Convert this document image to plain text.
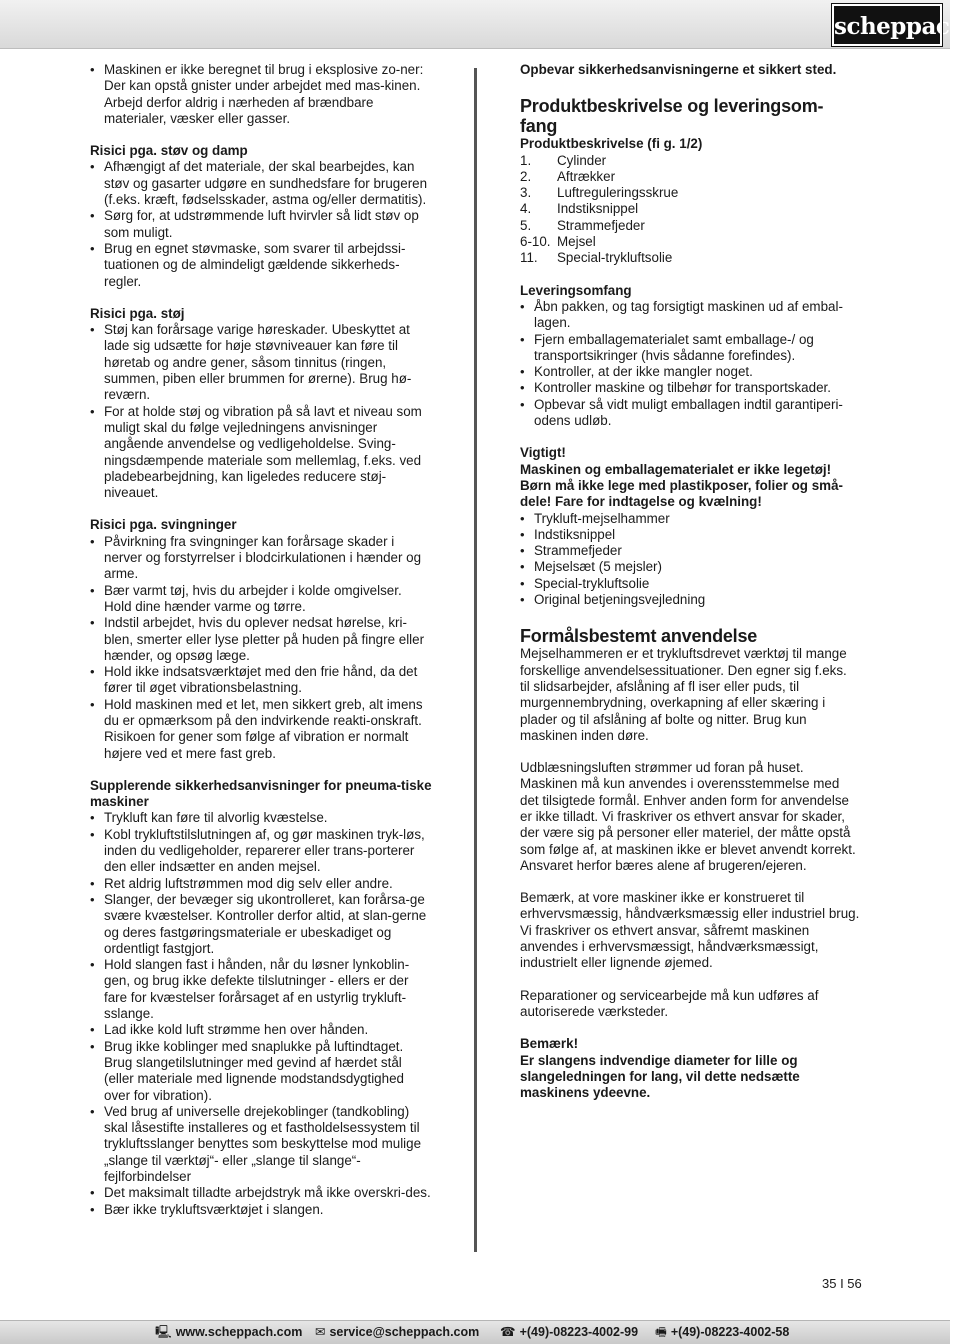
scheppach
• Maskinen er ikke beregnet til brug i eksplosive zo-ner: Der kan opstå gnister under arbejdet med mas-kinen. Arbejd derfor aldrig i nærheden af brændbare materialer, væsker eller gasser.
Risici pga. støv og damp
• Afhængigt af det materiale, der skal bearbejdes, kan støv og gasarter udgøre en sundhedsfare for brugeren (f.eks. kræft, fødselsskader, astma og/eller dermatitis).
• Sørg for, at udstrømmende luft hvirvler så lidt støv op som muligt.
• Brug en egnet støvmaske, som svarer til arbejdssi-tuationen og de almindeligt gældende sikkerheds-regler.
Risici pga. støj
• Støj kan forårsage varige høreskader. Ubeskyttet at lade sig udsætte for høje støvniveauer kan føre til høretab og andre gener, såsom tinnitus (ringen, summen, piben eller brummen for ørerne). Brug hø-reværn.
• For at holde støj og vibration på så lavt et niveau som muligt skal du følge vejledningens anvisninger angående anvendelse og vedligeholdelse. Sving-ningsdæmpende materiale som mellemlag, f.eks. ved pladebearbejdning, kan ligeledes reducere støj-niveauet.
Risici pga. svingninger
• Påvirkning fra svingninger kan forårsage skader i nerver og forstyrrelser i blodcirkulationen i hænder og arme.
• Bær varmt tøj, hvis du arbejder i kolde omgivelser. Hold dine hænder varme og tørre.
• Indstil arbejdet, hvis du oplever nedsat hørelse, kri-blen, smerter eller lyse pletter på huden på fingre eller hænder, og opsøg læge.
• Hold ikke indsatsværktøjet med den frie hånd, da det fører til øget vibrationsbelastning.
• Hold maskinen med et let, men sikkert greb, alt imens du er opmærksom på den indvirkende reakti-onskraft. Risikoen for gener som følge af vibration er normalt højere ved et mere fast greb.
Supplerende sikkerhedsanvisninger for pneuma-tiske maskiner
• Trykluft kan føre til alvorlig kvæstelse.
• Kobl trykluftstilslutningen af, og gør maskinen tryk-løs, inden du vedligeholder, reparerer eller trans-porterer den eller indsætter en anden mejsel.
• Ret aldrig luftstrømmen mod dig selv eller andre.
• Slanger, der bevæger sig ukontrolleret, kan forårsa-ge svære kvæstelser. Kontroller derfor altid, at slan-gerne og deres fastgøringsmateriale er ubeskadiget og ordentligt fastgjort.
• Hold slangen fast i hånden, når du løsner lynkoblin-gen, og brug ikke defekte tilslutninger - ellers er der fare for kvæstelser forårsaget af en ustyrlig trykluft-sslange.
• Lad ikke kold luft strømme hen over hånden.
• Brug ikke koblinger med snaplukke på luftindtaget. Brug slangetilslutninger med gevind af hærdet stål (eller materiale med lignende modstandsdygtighed over for vibration).
• Ved brug af universelle drejekoblinger (tandkobling) skal låsestifte installeres og et fastholdelsessystem til trykluftsslanger benyttes som beskyttelse mod mulige „slange til værktøj“- eller „slange til slange“-fejlforbindelser
• Det maksimalt tilladte arbejdstryk må ikke overskri-des.
• Bær ikke trykluftsværktøjet i slangen.
Opbevar sikkerhedsanvisningerne et sikkert sted.
Produktbeskrivelse og leveringsom-fang
Produktbeskrivelse (fi g. 1/2)
1.	Cylinder
2.	Aftrækker
3.	Luftreguleringsskrue
4.	Indstiksnippel
5.	Strammefjeder
6-10. Mejsel
11.	Special-trykluftsolie
Leveringsomfang
• Åbn pakken, og tag forsigtigt maskinen ud af embal-lagen.
• Fjern emballagematerialet samt emballage-/ og transportsikringer (hvis sådanne forefindes).
• Kontroller, at der ikke mangler noget.
• Kontroller maskine og tilbehør for transportskader.
• Opbevar så vidt muligt emballagen indtil garantiperi-odens udløb.
Vigtigt!
Maskinen og emballagematerialet er ikke legetøj! Børn må ikke lege med plastikposer, folier og små-dele! Fare for indtagelse og kvælning!
• Trykluft-mejselhammer
• Indstiksnippel
• Strammefjeder
• Mejselsæt (5 mejsler)
• Special-trykluftsolie
• Original betjeningsvejledning
Formålsbestemt anvendelse

Mejselhammeren er et trykluftsdrevet værktøj til mange forskellige anvendelsessituationer. Den egner sig f.eks. til slidsarbejder, afslåning af fl iser eller puds, til murgennembrydning, overkapning af eller skæring i plader og til afslåning af bolte og nitter. Brug kun maskinen inden døre.

Udblæsningsluften strømmer ud foran på huset. Maskinen må kun anvendes i overensstemmelse med det tilsigtede formål. Enhver anden form for anvendelse er ikke tilladt. Vi fraskriver os ethvert ansvar for skader, der være sig på personer eller materiel, der måtte opstå som følge af, at maskinen ikke er blevet anvendt korrekt. Ansvaret herfor bæres alene af brugeren/ejeren.

Bemærk, at vore maskiner ikke er konstrueret til erhvervsmæssig, håndværksmæssig eller industriel brug. Vi fraskriver os ethvert ansvar, såfremt maskinen anvendes i erhvervsmæssigt, håndværksmæssigt, industrielt eller lignende øjemed.

Reparationer og servicearbejde må kun udføres af autoriserede værksteder.

Bemærk!
Er slangens indvendige diameter for lille og slangeledningen for lang, vil dette nedsætte maskinens ydeevne.
35 I 56
🖳 www.scheppach.com ✉ service@scheppach.com ☎ +(49)-08223-4002-99 🖷 +(49)-08223-4002-58
